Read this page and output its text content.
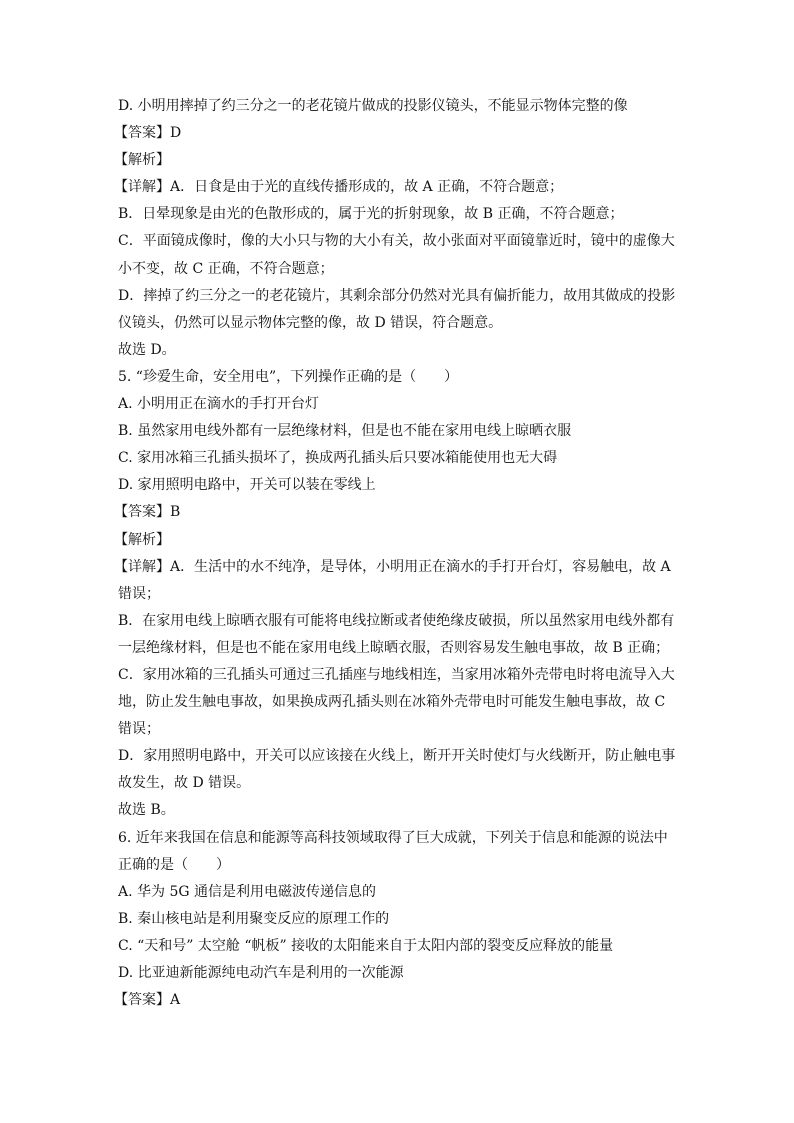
D. 小明用摔掉了约三分之一的老花镜片做成的投影仪镜头，不能显示物体完整的像
【答案】D
【解析】
【详解】A．日食是由于光的直线传播形成的，故 A 正确，不符合题意；
B．日晕现象是由光的色散形成的，属于光的折射现象，故 B 正确，不符合题意；
C．平面镜成像时，像的大小只与物的大小有关，故小张面对平面镜靠近时，镜中的虚像大
小不变，故 C 正确，不符合题意；
D．摔掉了约三分之一的老花镜片，其剩余部分仍然对光具有偏折能力，故用其做成的投影
仪镜头，仍然可以显示物体完整的像，故 D 错误，符合题意。
故选 D。
5. “珍爱生命，安全用电”，下列操作正确的是（　　）
A. 小明用正在滴水的手打开台灯
B. 虽然家用电线外都有一层绝缘材料，但是也不能在家用电线上晾晒衣服
C. 家用冰箱三孔插头损坏了，换成两孔插头后只要冰箱能使用也无大碍
D. 家用照明电路中，开关可以装在零线上
【答案】B
【解析】
【详解】A．生活中的水不纯净，是导体，小明用正在滴水的手打开台灯，容易触电，故 A
错误；
B．在家用电线上晾晒衣服有可能将电线拉断或者使绝缘皮破损，所以虽然家用电线外都有
一层绝缘材料，但是也不能在家用电线上晾晒衣服，否则容易发生触电事故，故 B 正确；
C．家用冰箱的三孔插头可通过三孔插座与地线相连，当家用冰箱外壳带电时将电流导入大
地，防止发生触电事故，如果换成两孔插头则在冰箱外壳带电时可能发生触电事故，故 C
错误；
D．家用照明电路中，开关可以应该接在火线上，断开开关时使灯与火线断开，防止触电事
故发生，故 D 错误。
故选 B。
6. 近年来我国在信息和能源等高科技领域取得了巨大成就，下列关于信息和能源的说法中
正确的是（　　）
A. 华为 5G 通信是利用电磁波传递信息的
B. 秦山核电站是利用聚变反应的原理工作的
C. “天和号” 太空舱 “帆板” 接收的太阳能来自于太阳内部的裂变反应释放的能量
D. 比亚迪新能源纯电动汽车是利用的一次能源
【答案】A
